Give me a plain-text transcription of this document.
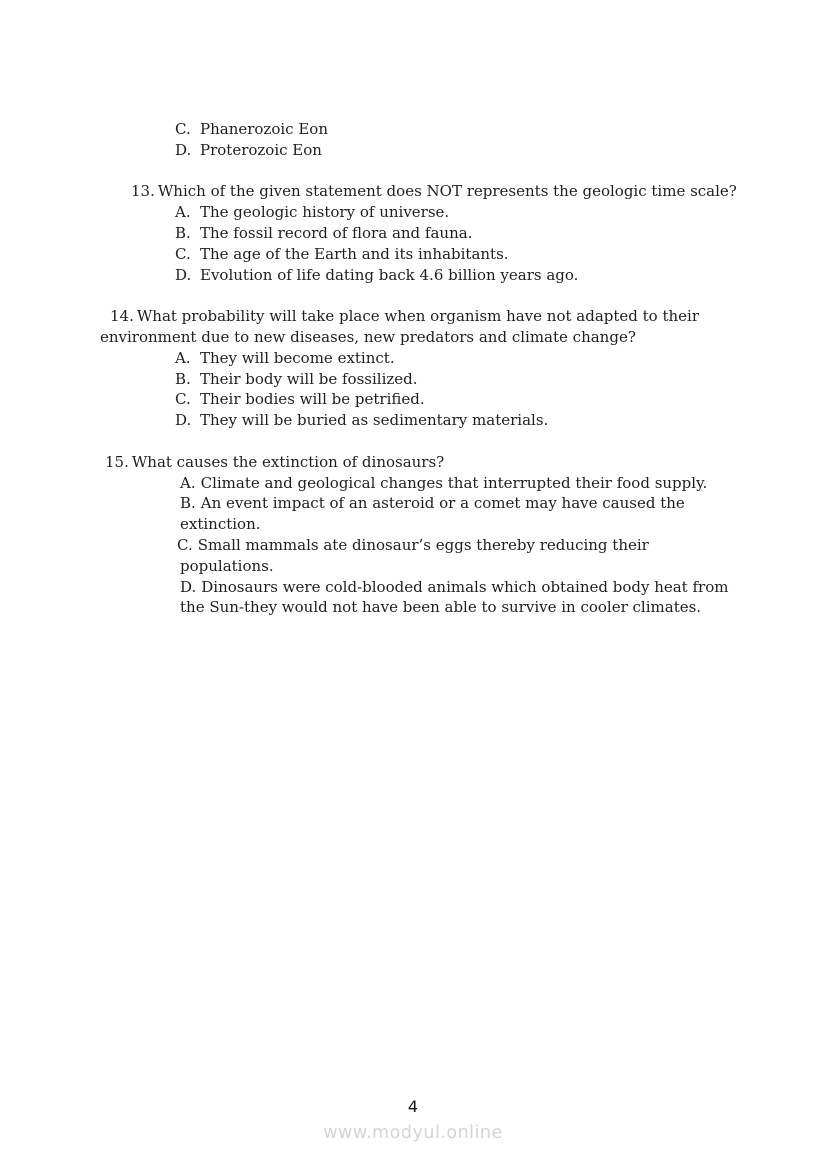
C. Phanerozoic Eon
D. Proterozoic Eon
13. Which of the given statement does NOT represents the geologic time scale?
A. The geologic history of universe.
B. The fossil record of flora and fauna.
C. The age of the Earth and its inhabitants.
D. Evolution of life dating back 4.6 billion years ago.
14. What probability will take place when organism have not adapted to their
environment due to new diseases, new predators and climate change?
A. They will become extinct.
B. Their body will be fossilized.
C. Their bodies will be petrified.
D. They will be buried as sedimentary materials.
15. What causes the extinction of dinosaurs?
A. Climate and geological changes that interrupted their food supply.
B. An event impact of an asteroid or a comet may have caused the
extinction.
C. Small mammals ate dinosaur’s eggs thereby reducing their
populations.
D. Dinosaurs were cold-blooded animals which obtained body heat from
the Sun-they would not have been able to survive in cooler climates.
4
www.modyul.online
